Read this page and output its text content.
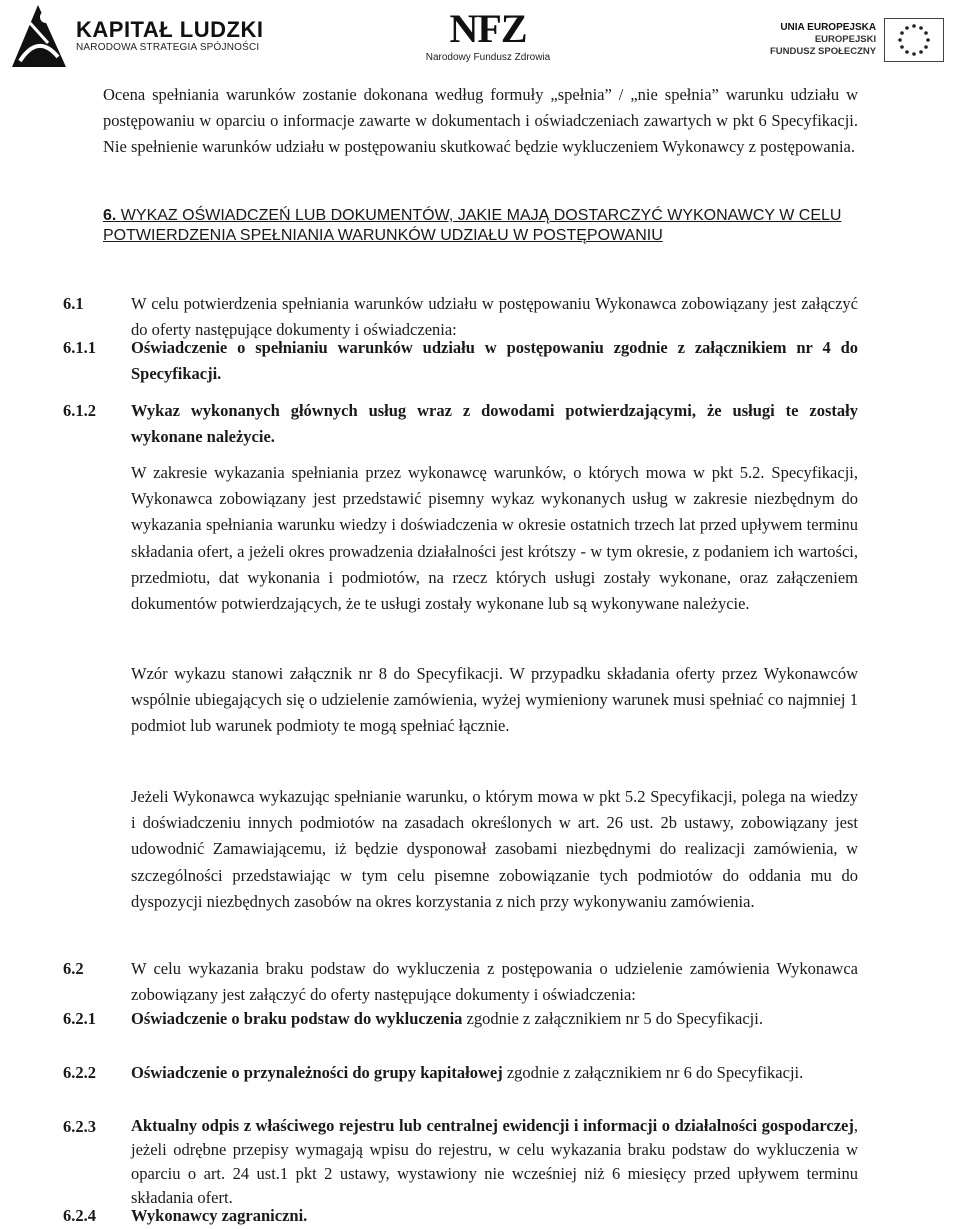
KAPITAŁ LUDZKI
NARODOWA STRATEGIA SPÓJNOŚCI	NFZ
Narodowy Fundusz Zdrowia
UNIA EUROPEJSKA
EUROPEJSKI
FUNDUSZ SPOŁECZNY
Ocena spełniania warunków zostanie dokonana według formuły „spełnia” / „nie spełnia” warunku udziału w postępowaniu w oparciu o informacje zawarte w dokumentach i oświadczeniach zawartych w pkt 6 Specyfikacji. Nie spełnienie warunków udziału w postępowaniu skutkować będzie wykluczeniem Wykonawcy z postępowania.
6. WYKAZ OŚWIADCZEŃ LUB DOKUMENTÓW, JAKIE MAJĄ DOSTARCZYĆ WYKONAWCY W CELU POTWIERDZENIA SPEŁNIANIA WARUNKÓW UDZIAŁU W POSTĘPOWANIU
6.1	W celu potwierdzenia spełniania warunków udziału w postępowaniu Wykonawca zobowiązany jest załączyć do oferty następujące dokumenty i oświadczenia:
6.1.1 Oświadczenie o spełnianiu warunków udziału w postępowaniu zgodnie z załącznikiem nr 4 do Specyfikacji.
6.1.2 Wykaz wykonanych głównych usług wraz z dowodami potwierdzającymi, że usługi te zostały wykonane należycie.
W zakresie wykazania spełniania przez wykonawcę warunków, o których mowa w pkt 5.2. Specyfikacji, Wykonawca zobowiązany jest przedstawić pisemny wykaz wykonanych usług w zakresie niezbędnym do wykazania spełniania warunku wiedzy i doświadczenia w okresie ostatnich trzech lat przed upływem terminu składania ofert, a jeżeli okres prowadzenia działalności jest krótszy - w tym okresie, z podaniem ich wartości, przedmiotu, dat wykonania i podmiotów, na rzecz których usługi zostały wykonane, oraz załączeniem dokumentów potwierdzających, że te usługi zostały wykonane lub są wykonywane należycie.
Wzór wykazu stanowi załącznik nr 8 do Specyfikacji. W przypadku składania oferty przez Wykonawców wspólnie ubiegających się o udzielenie zamówienia, wyżej wymieniony warunek musi spełniać co najmniej 1 podmiot lub warunek podmioty te mogą spełniać łącznie.
Jeżeli Wykonawca wykazując spełnianie warunku, o którym mowa w pkt 5.2 Specyfikacji, polega na wiedzy i doświadczeniu innych podmiotów na zasadach określonych w art. 26 ust. 2b ustawy, zobowiązany jest udowodnić Zamawiającemu, iż będzie dysponował zasobami niezbędnymi do realizacji zamówienia, w szczególności przedstawiając w tym celu pisemne zobowiązanie tych podmiotów do oddania mu do dyspozycji niezbędnych zasobów na okres korzystania z nich przy wykonywaniu zamówienia.
6.2	W celu wykazania braku podstaw do wykluczenia z postępowania o udzielenie zamówienia Wykonawca zobowiązany jest załączyć do oferty następujące dokumenty i oświadczenia:
6.2.1 Oświadczenie o braku podstaw do wykluczenia zgodnie z załącznikiem nr 5 do Specyfikacji.
6.2.2 Oświadczenie o przynależności do grupy kapitałowej zgodnie z załącznikiem nr 6 do Specyfikacji.
6.2.3 Aktualny odpis z właściwego rejestru lub centralnej ewidencji i informacji o działalności gospodarczej, jeżeli odrębne przepisy wymagają wpisu do rejestru, w celu wykazania braku podstaw do wykluczenia w oparciu o art. 24 ust.1 pkt 2 ustawy, wystawiony nie wcześniej niż 6 miesięcy przed upływem terminu składania ofert.
6.2.4 Wykonawcy zagraniczni.
